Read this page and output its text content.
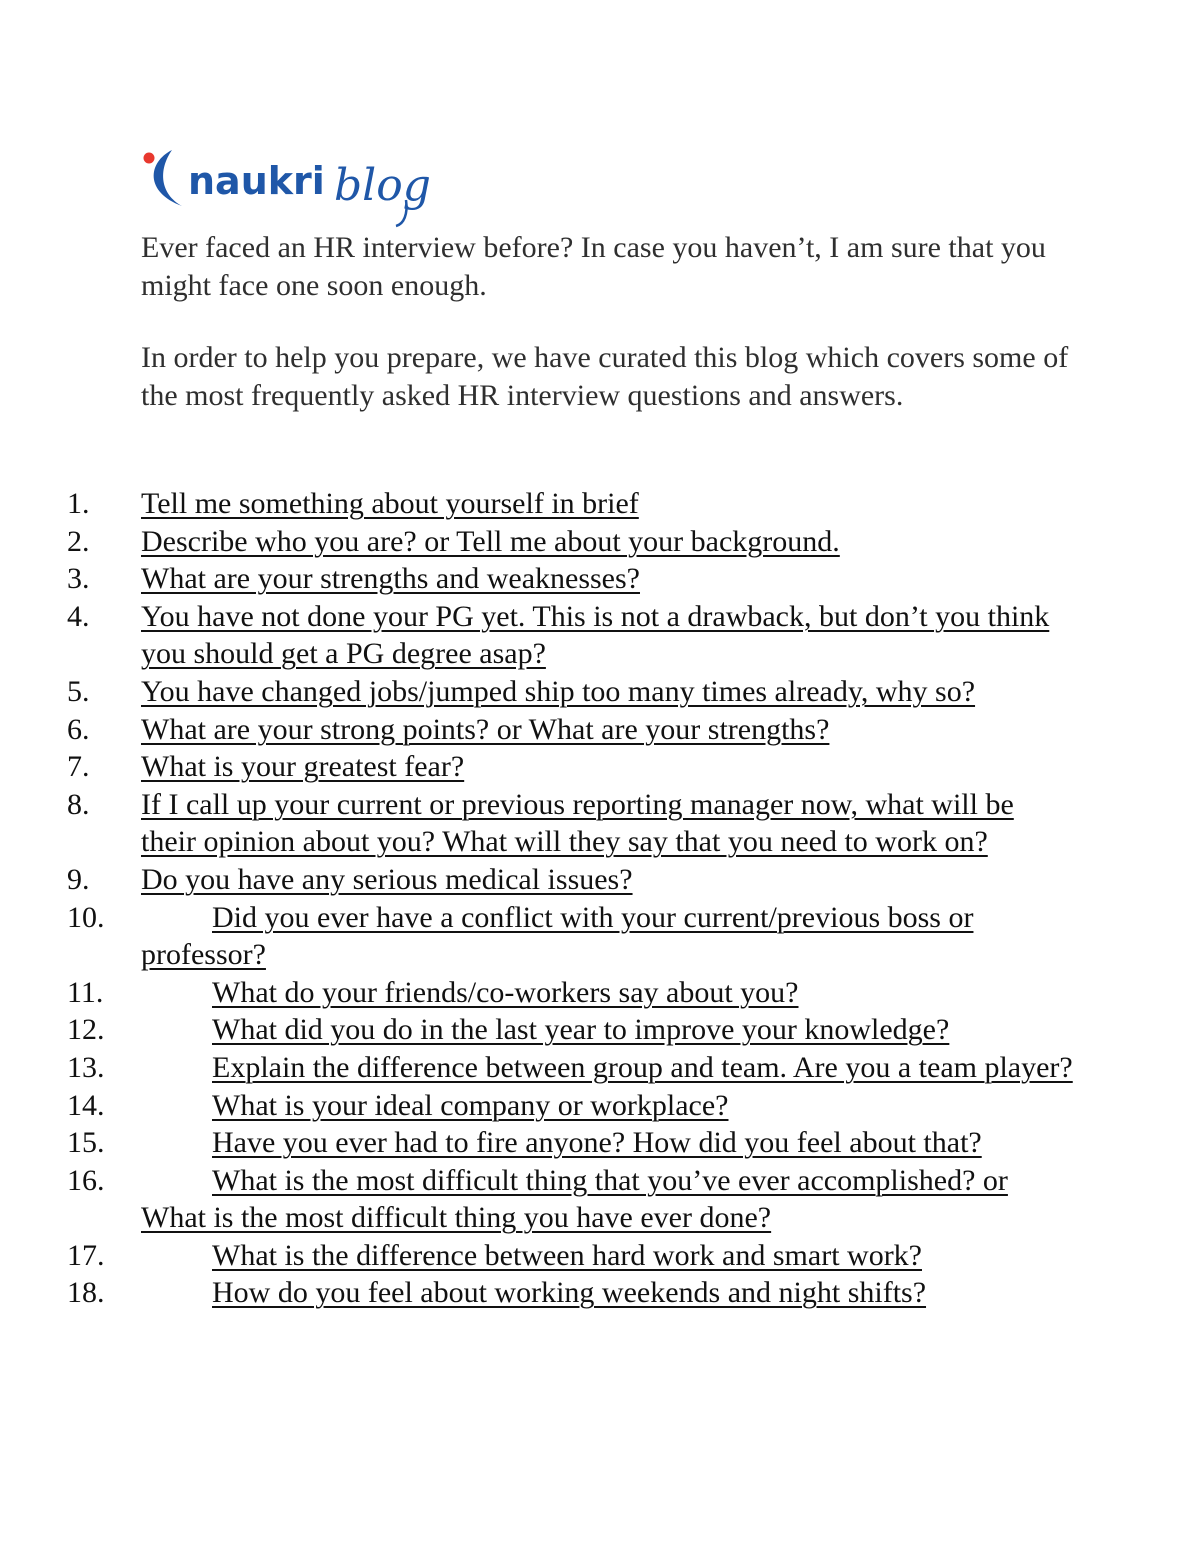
naukri blog

Ever faced an HR interview before? In case you haven’t, I am sure that you might face one soon enough.

In order to help you prepare, we have curated this blog which covers some of the most frequently asked HR interview questions and answers.

1. Tell me something about yourself in brief
2. Describe who you are? or Tell me about your background.
3. What are your strengths and weaknesses?
4. You have not done your PG yet. This is not a drawback, but don’t you think you should get a PG degree asap?
5. You have changed jobs/jumped ship too many times already, why so?
6. What are your strong points? or What are your strengths?
7. What is your greatest fear?
8. If I call up your current or previous reporting manager now, what will be their opinion about you? What will they say that you need to work on?
9. Do you have any serious medical issues?
10.	Did you ever have a conflict with your current/previous boss or professor?
11.	What do your friends/co-workers say about you?
12.	What did you do in the last year to improve your knowledge?
13.	Explain the difference between group and team. Are you a team player?
14.	What is your ideal company or workplace?
15.	Have you ever had to fire anyone? How did you feel about that?
16.	What is the most difficult thing that you’ve ever accomplished? or What is the most difficult thing you have ever done?
17.	What is the difference between hard work and smart work?
18.	How do you feel about working weekends and night shifts?
